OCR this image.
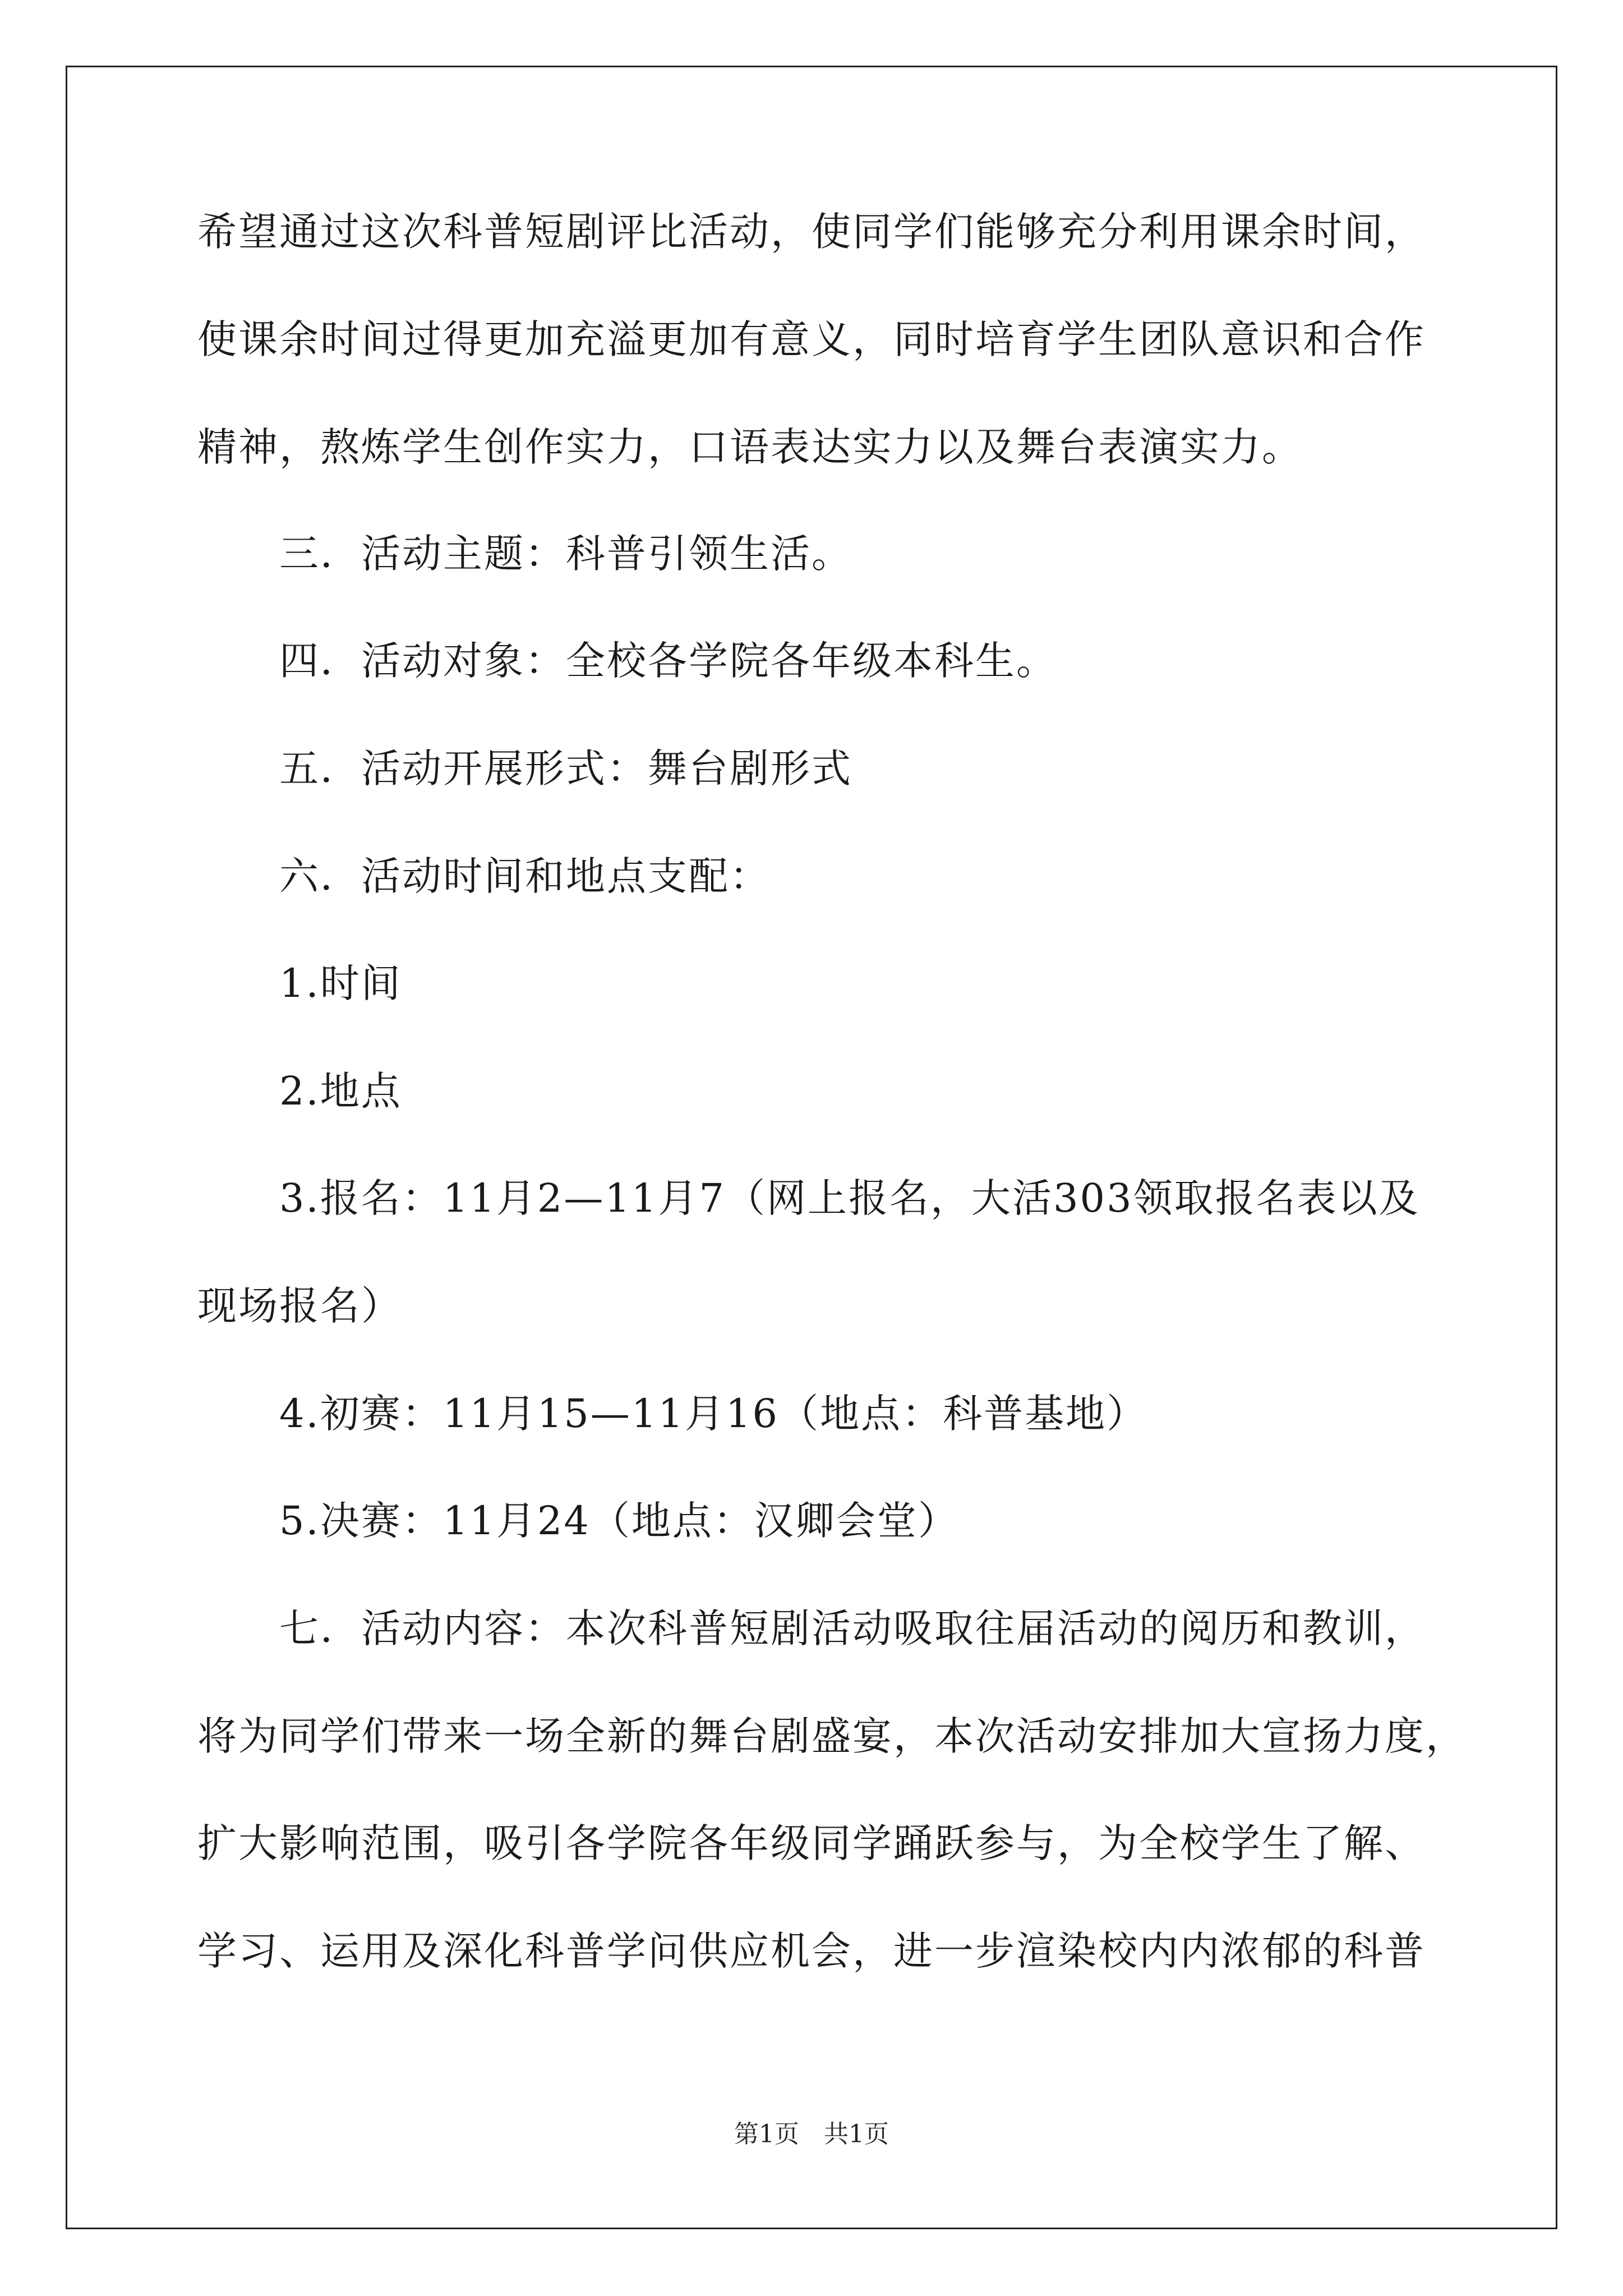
希望通过这次科普短剧评比活动，使同学们能够充分利用课余时间，
使课余时间过得更加充溢更加有意义，同时培育学生团队意识和合作
精神，熬炼学生创作实力，口语表达实力以及舞台表演实力。
三．活动主题：科普引领生活。
四．活动对象：全校各学院各年级本科生。
五．活动开展形式：舞台剧形式
六．活动时间和地点支配：
1.时间
2.地点
3.报名：11月2—11月7（网上报名，大活303领取报名表以及
现场报名）
4.初赛：11月15—11月16（地点：科普基地）
5.决赛：11月24（地点：汉卿会堂）
七．活动内容：本次科普短剧活动吸取往届活动的阅历和教训，
将为同学们带来一场全新的舞台剧盛宴，本次活动安排加大宣扬力度，
扩大影响范围，吸引各学院各年级同学踊跃参与，为全校学生了解、
学习、运用及深化科普学问供应机会，进一步渲染校内内浓郁的科普
第1页　共1页
